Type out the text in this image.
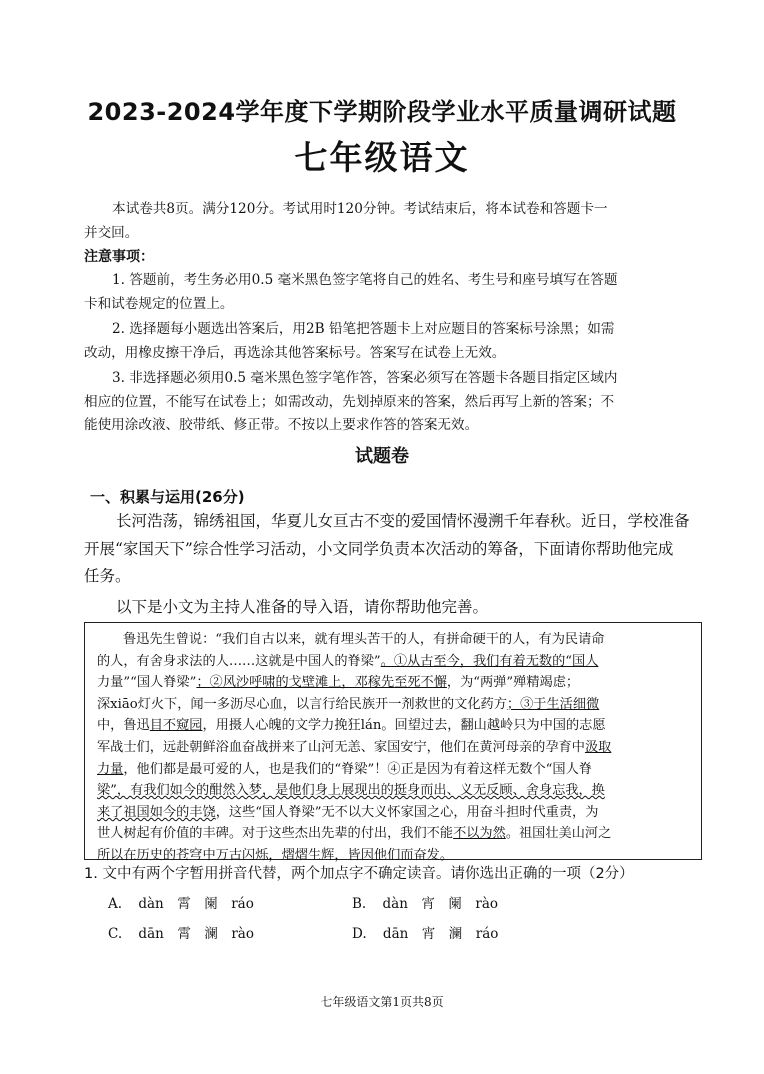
2023-2024学年度下学期阶段学业水平质量调研试题
七年级语文
本试卷共8页。满分120分。考试用时120分钟。考试结束后，将本试卷和答题卡一
并交回。
注意事项：
1. 答题前，考生务必用0.5 毫米黑色签字笔将自己的姓名、考生号和座号填写在答题
卡和试卷规定的位置上。
2. 选择题每小题选出答案后，用2B 铅笔把答题卡上对应题目的答案标号涂黑；如需
改动，用橡皮擦干净后，再选涂其他答案标号。答案写在试卷上无效。
3. 非选择题必须用0.5 毫米黑色签字笔作答，答案必须写在答题卡各题目指定区域内
相应的位置，不能写在试卷上；如需改动，先划掉原来的答案，然后再写上新的答案；不
能使用涂改液、胶带纸、修正带。不按以上要求作答的答案无效。
试题卷
一、积累与运用(26分)
长河浩荡，锦绣祖国，华夏儿女亘古不变的爱国情怀漫溯千年春秋。近日，学校准备
开展“家国天下”综合性学习活动，小文同学负责本次活动的筹备，下面请你帮助他完成
任务。
以下是小文为主持人准备的导入语，请你帮助他完善。
鲁迅先生曾说：“我们自古以来，就有埋头苦干的人，有拼命硬干的人，有为民请命
的人，有舍身求法的人……这就是中国人的脊梁”。①从古至今，我们有着无数的“国人
力量”“国人脊梁”；②风沙呼啸的戈壁滩上，邓稼先至死不懈，为“两弹”殚精竭虑；
深xiāo灯火下，闻一多沥尽心血，以言行给民族开一剂救世的文化药方；③于生活细微
中，鲁迅目不窥园，用摄人心魄的文学力挽狂lán。回望过去，翻山越岭只为中国的志愿
军战士们，远赴朝鲜浴血奋战拼来了山河无恙、家国安宁，他们在黄河母亲的孕育中汲取
力量，他们都是最可爱的人，也是我们的“脊梁”！④正是因为有着这样无数个“国人脊
梁”，有我们如今的酣然入梦，是他们身上展现出的挺身而出、义无反顾、舍身忘我，换
来了祖国如今的丰饶，这些“国人脊梁”无不以大义怀家国之心，用奋斗担时代重责，为
世人树起有价值的丰碑。对于这些杰出先辈的付出，我们不能不以为然。祖国壮美山河之
所以在历史的苍穹中万古闪烁，熠熠生辉，皆因他们而奋发。
1. 文中有两个字暂用拼音代替，两个加点字不确定读音。请你选出正确的一项（2分）
A. dàn　霄　阑　ráo	B. dàn　宵　阑　rào
C. dān　霄　澜　rào	D. dān　宵　澜　ráo
七年级语文第1页共8页
